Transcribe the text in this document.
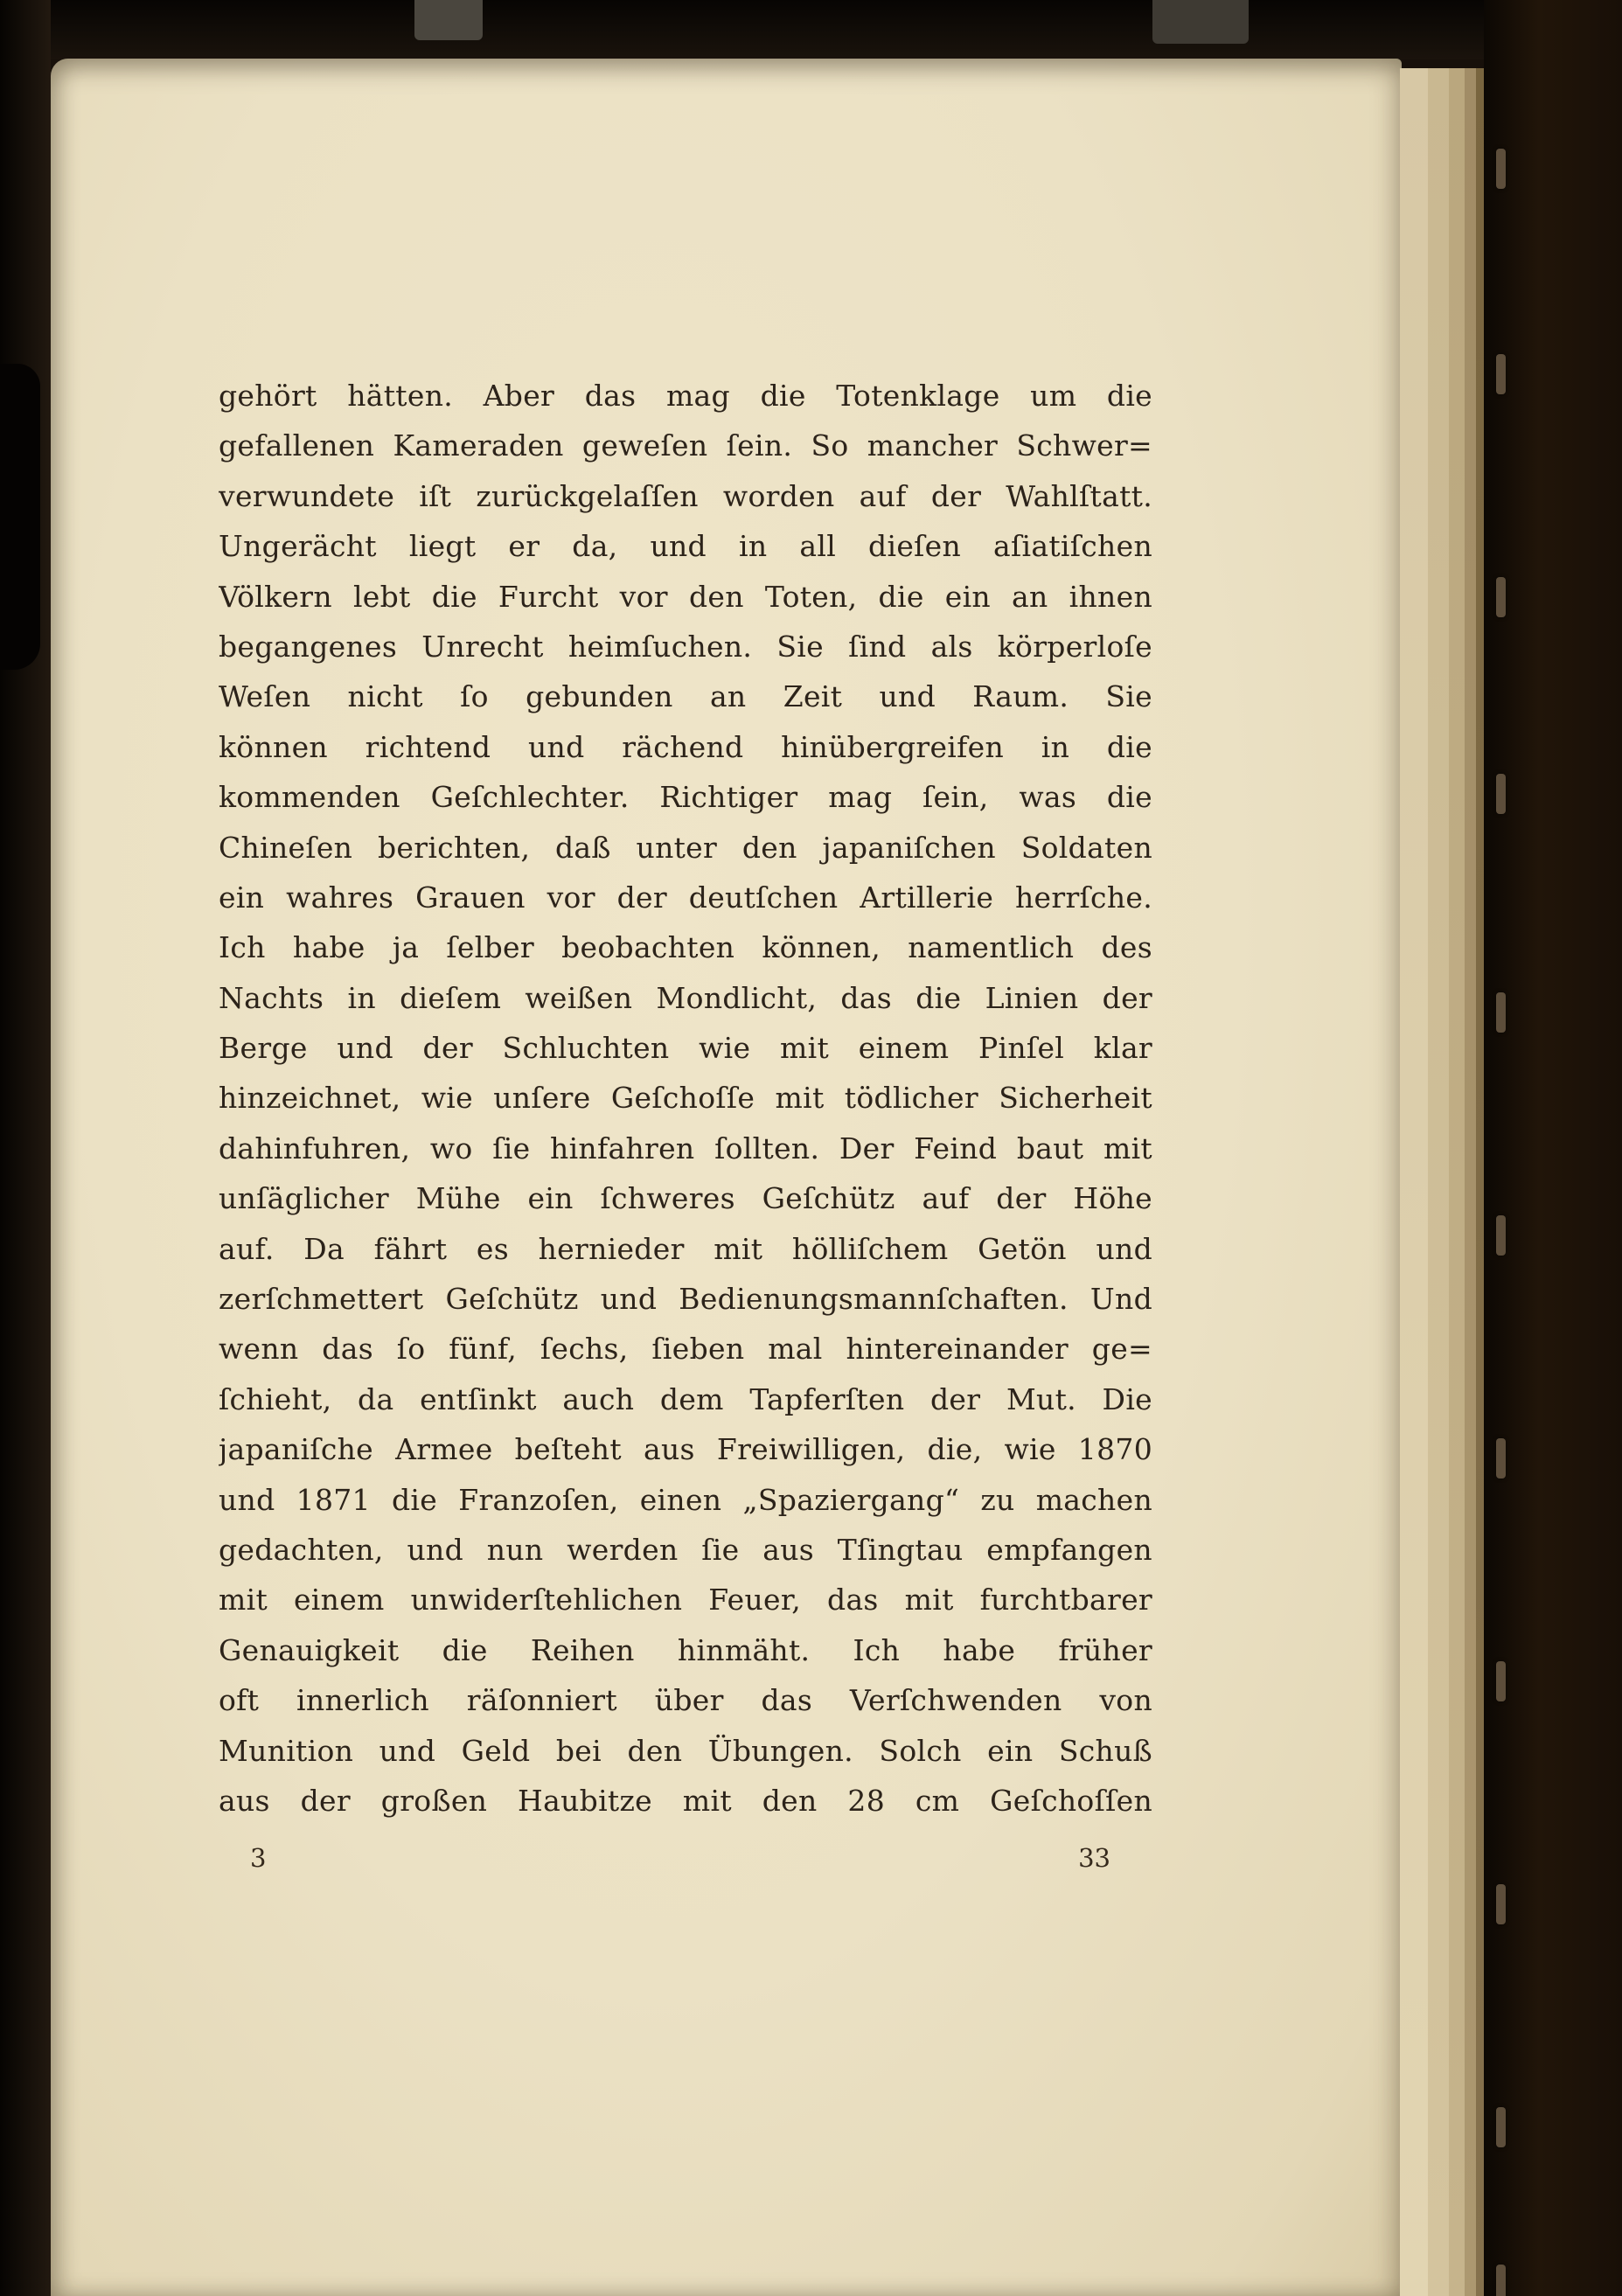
gehört hätten. Aber das mag die Totenklage um die
gefallenen Kameraden geweſen ſein. So mancher Schwer=
verwundete iſt zurückgelaſſen worden auf der Wahlſtatt.
Ungerächt liegt er da, und in all dieſen aſiatiſchen
Völkern lebt die Furcht vor den Toten, die ein an ihnen
begangenes Unrecht heimſuchen. Sie ſind als körperloſe
Weſen nicht ſo gebunden an Zeit und Raum. Sie
können richtend und rächend hinübergreifen in die
kommenden Geſchlechter. Richtiger mag ſein, was die
Chineſen berichten, daß unter den japaniſchen Soldaten
ein wahres Grauen vor der deutſchen Artillerie herrſche.
Ich habe ja ſelber beobachten können, namentlich des
Nachts in dieſem weißen Mondlicht, das die Linien der
Berge und der Schluchten wie mit einem Pinſel klar
hinzeichnet, wie unſere Geſchoſſe mit tödlicher Sicherheit
dahinfuhren, wo ſie hinfahren ſollten. Der Feind baut mit
unſäglicher Mühe ein ſchweres Geſchütz auf der Höhe
auf. Da fährt es hernieder mit hölliſchem Getön und
zerſchmettert Geſchütz und Bedienungsmannſchaften. Und
wenn das ſo fünf, ſechs, ſieben mal hintereinander ge=
ſchieht, da entſinkt auch dem Tapferſten der Mut. Die
japaniſche Armee beſteht aus Freiwilligen, die, wie 1870
und 1871 die Franzoſen, einen „Spaziergang“ zu machen
gedachten, und nun werden ſie aus Tſingtau empfangen
mit einem unwiderſtehlichen Feuer, das mit furchtbarer
Genauigkeit die Reihen hinmäht. Ich habe früher
oft innerlich räſonniert über das Verſchwenden von
Munition und Geld bei den Übungen. Solch ein Schuß
aus der großen Haubitze mit den 28 cm Geſchoſſen
3	33
